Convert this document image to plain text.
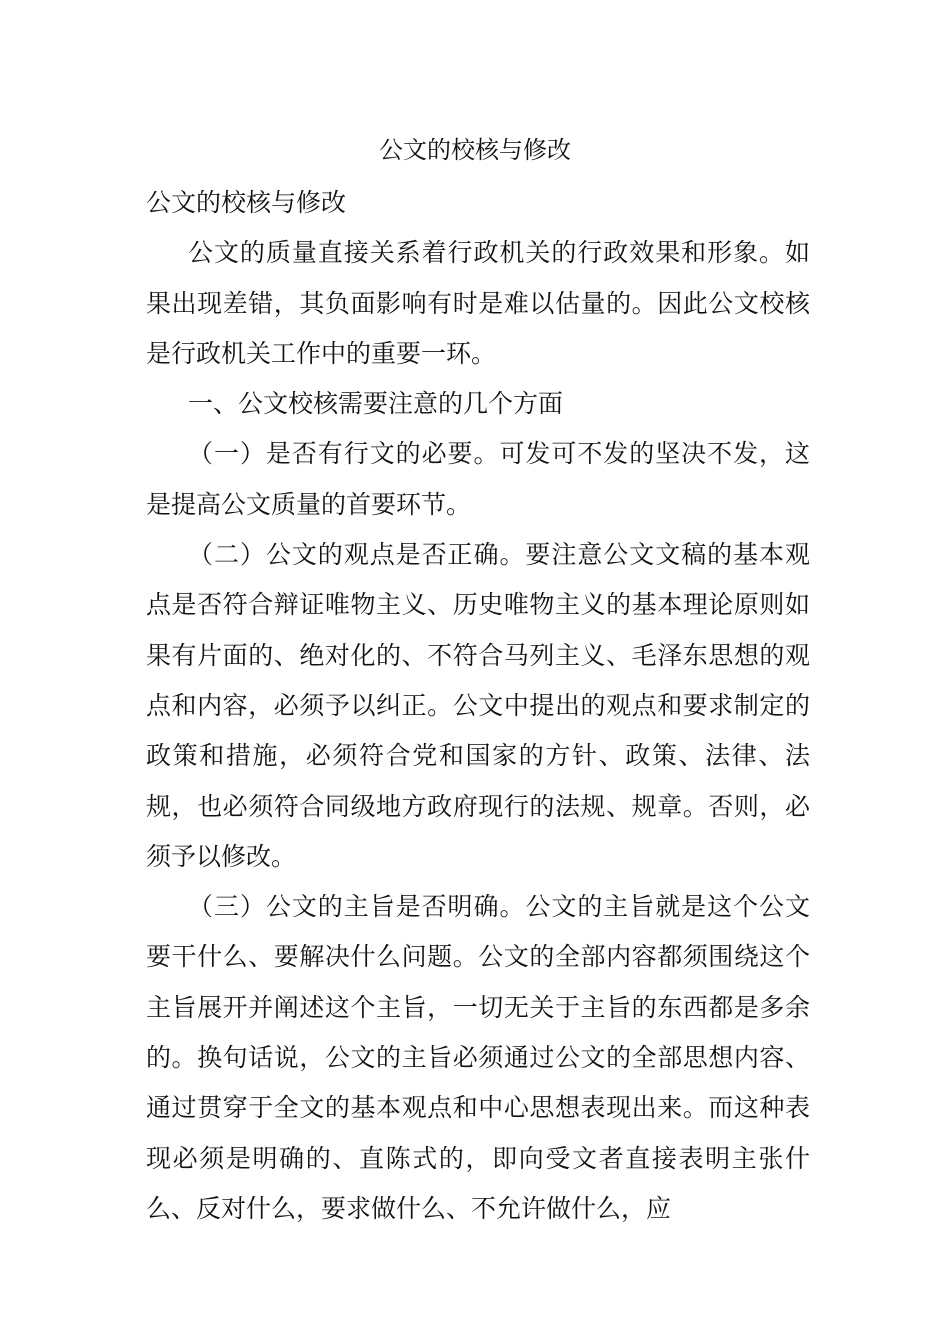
公文的校核与修改

公文的校核与修改

公文的质量直接关系着行政机关的行政效果和形象。如果出现差错，其负面影响有时是难以估量的。因此公文校核是行政机关工作中的重要一环。

一、公文校核需要注意的几个方面

（一）是否有行文的必要。可发可不发的坚决不发，这是提高公文质量的首要环节。

（二）公文的观点是否正确。要注意公文文稿的基本观点是否符合辩证唯物主义、历史唯物主义的基本理论原则如果有片面的、绝对化的、不符合马列主义、毛泽东思想的观点和内容，必须予以纠正。公文中提出的观点和要求制定的政策和措施，必须符合党和国家的方针、政策、法律、法规，也必须符合同级地方政府现行的法规、规章。否则，必须予以修改。

（三）公文的主旨是否明确。公文的主旨就是这个公文要干什么、要解决什么问题。公文的全部内容都须围绕这个主旨展开并阐述这个主旨，一切无关于主旨的东西都是多余的。换句话说，公文的主旨必须通过公文的全部思想内容、通过贯穿于全文的基本观点和中心思想表现出来。而这种表现必须是明确的、直陈式的，即向受文者直接表明主张什么、反对什么，要求做什么、不允许做什么，应
